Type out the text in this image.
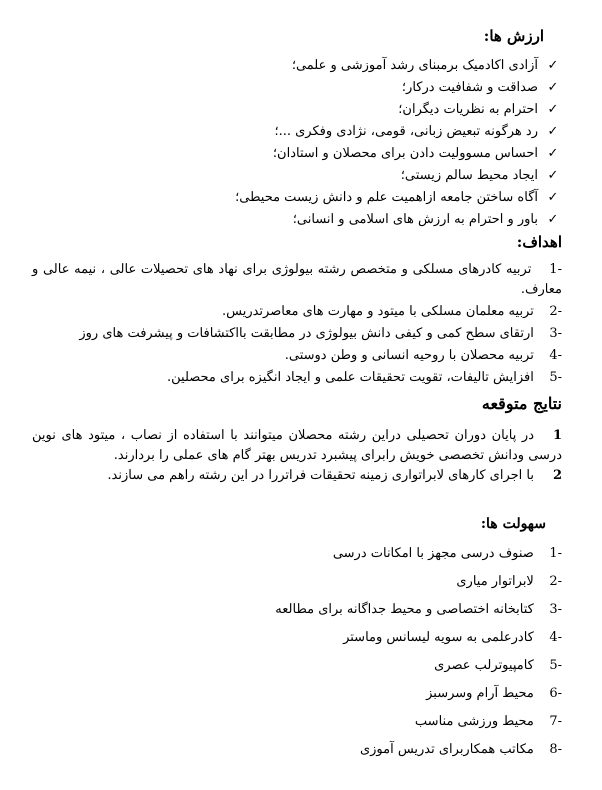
ارزش ها:
✓آزادی اکادمیک برمبنای رشد آموزشی و علمی؛
✓صداقت و شفافیت درکار؛
✓احترام به نظریات دیگران؛
✓رد هرگونه تبعیض زبانی، قومی، نژادی وفکری ...؛
✓احساس مسوولیت دادن برای محصلان و استادان؛
✓ایجاد محیط سالم زیستی؛
✓آگاه ساختن جامعه ازاهمیت علم و دانش زیست محیطی؛
✓باور و احترام به ارزش های اسلامی و انسانی؛
اهداف:
-1 تربیه کادرهای مسلکی و متخصص رشته بیولوژی برای نهاد های تحصیلات عالی ، نیمه عالی و معارف.
-2 تربیه معلمان مسلکی با میتود و مهارت های معاصرتدریس.
-3 ارتقای سطح کمی و کیفی دانش بیولوژی در مطابقت بااکتشافات و پیشرفت های روز
-4 تربیه محصلان با روحیه انسانی و وطن دوستی.
-5 افزایش تالیفات، تقویت تحقیقات علمی و ایجاد انگیزه برای محصلین.
نتایج متوقعه
1در پایان دوران تحصیلی دراین رشته محصلان میتوانند با استفاده از نصاب ، میتود های نوین درسی ودانش تخصصی خویش رابرای پیشبرد تدریس بهتر گام های عملی را بردارند.
2با اجرای کارهای لابراتواری زمینه تحقیقات فراتررا در این رشته راهم می سازند.
سهولت ها:
-1 صنوف درسی مجهز با امکانات درسی
-2 لابراتوار میاری
-3 کتابخانه اختصاصی و محیط جداگانه برای مطالعه
-4 کادرعلمی به سویه لیسانس وماستر
-5 کامپیوترلب عصری
-6 محیط آرام وسرسبز
-7 محیط ورزشی مناسب
-8 مکاتب همکاربرای تدریس آموزی
